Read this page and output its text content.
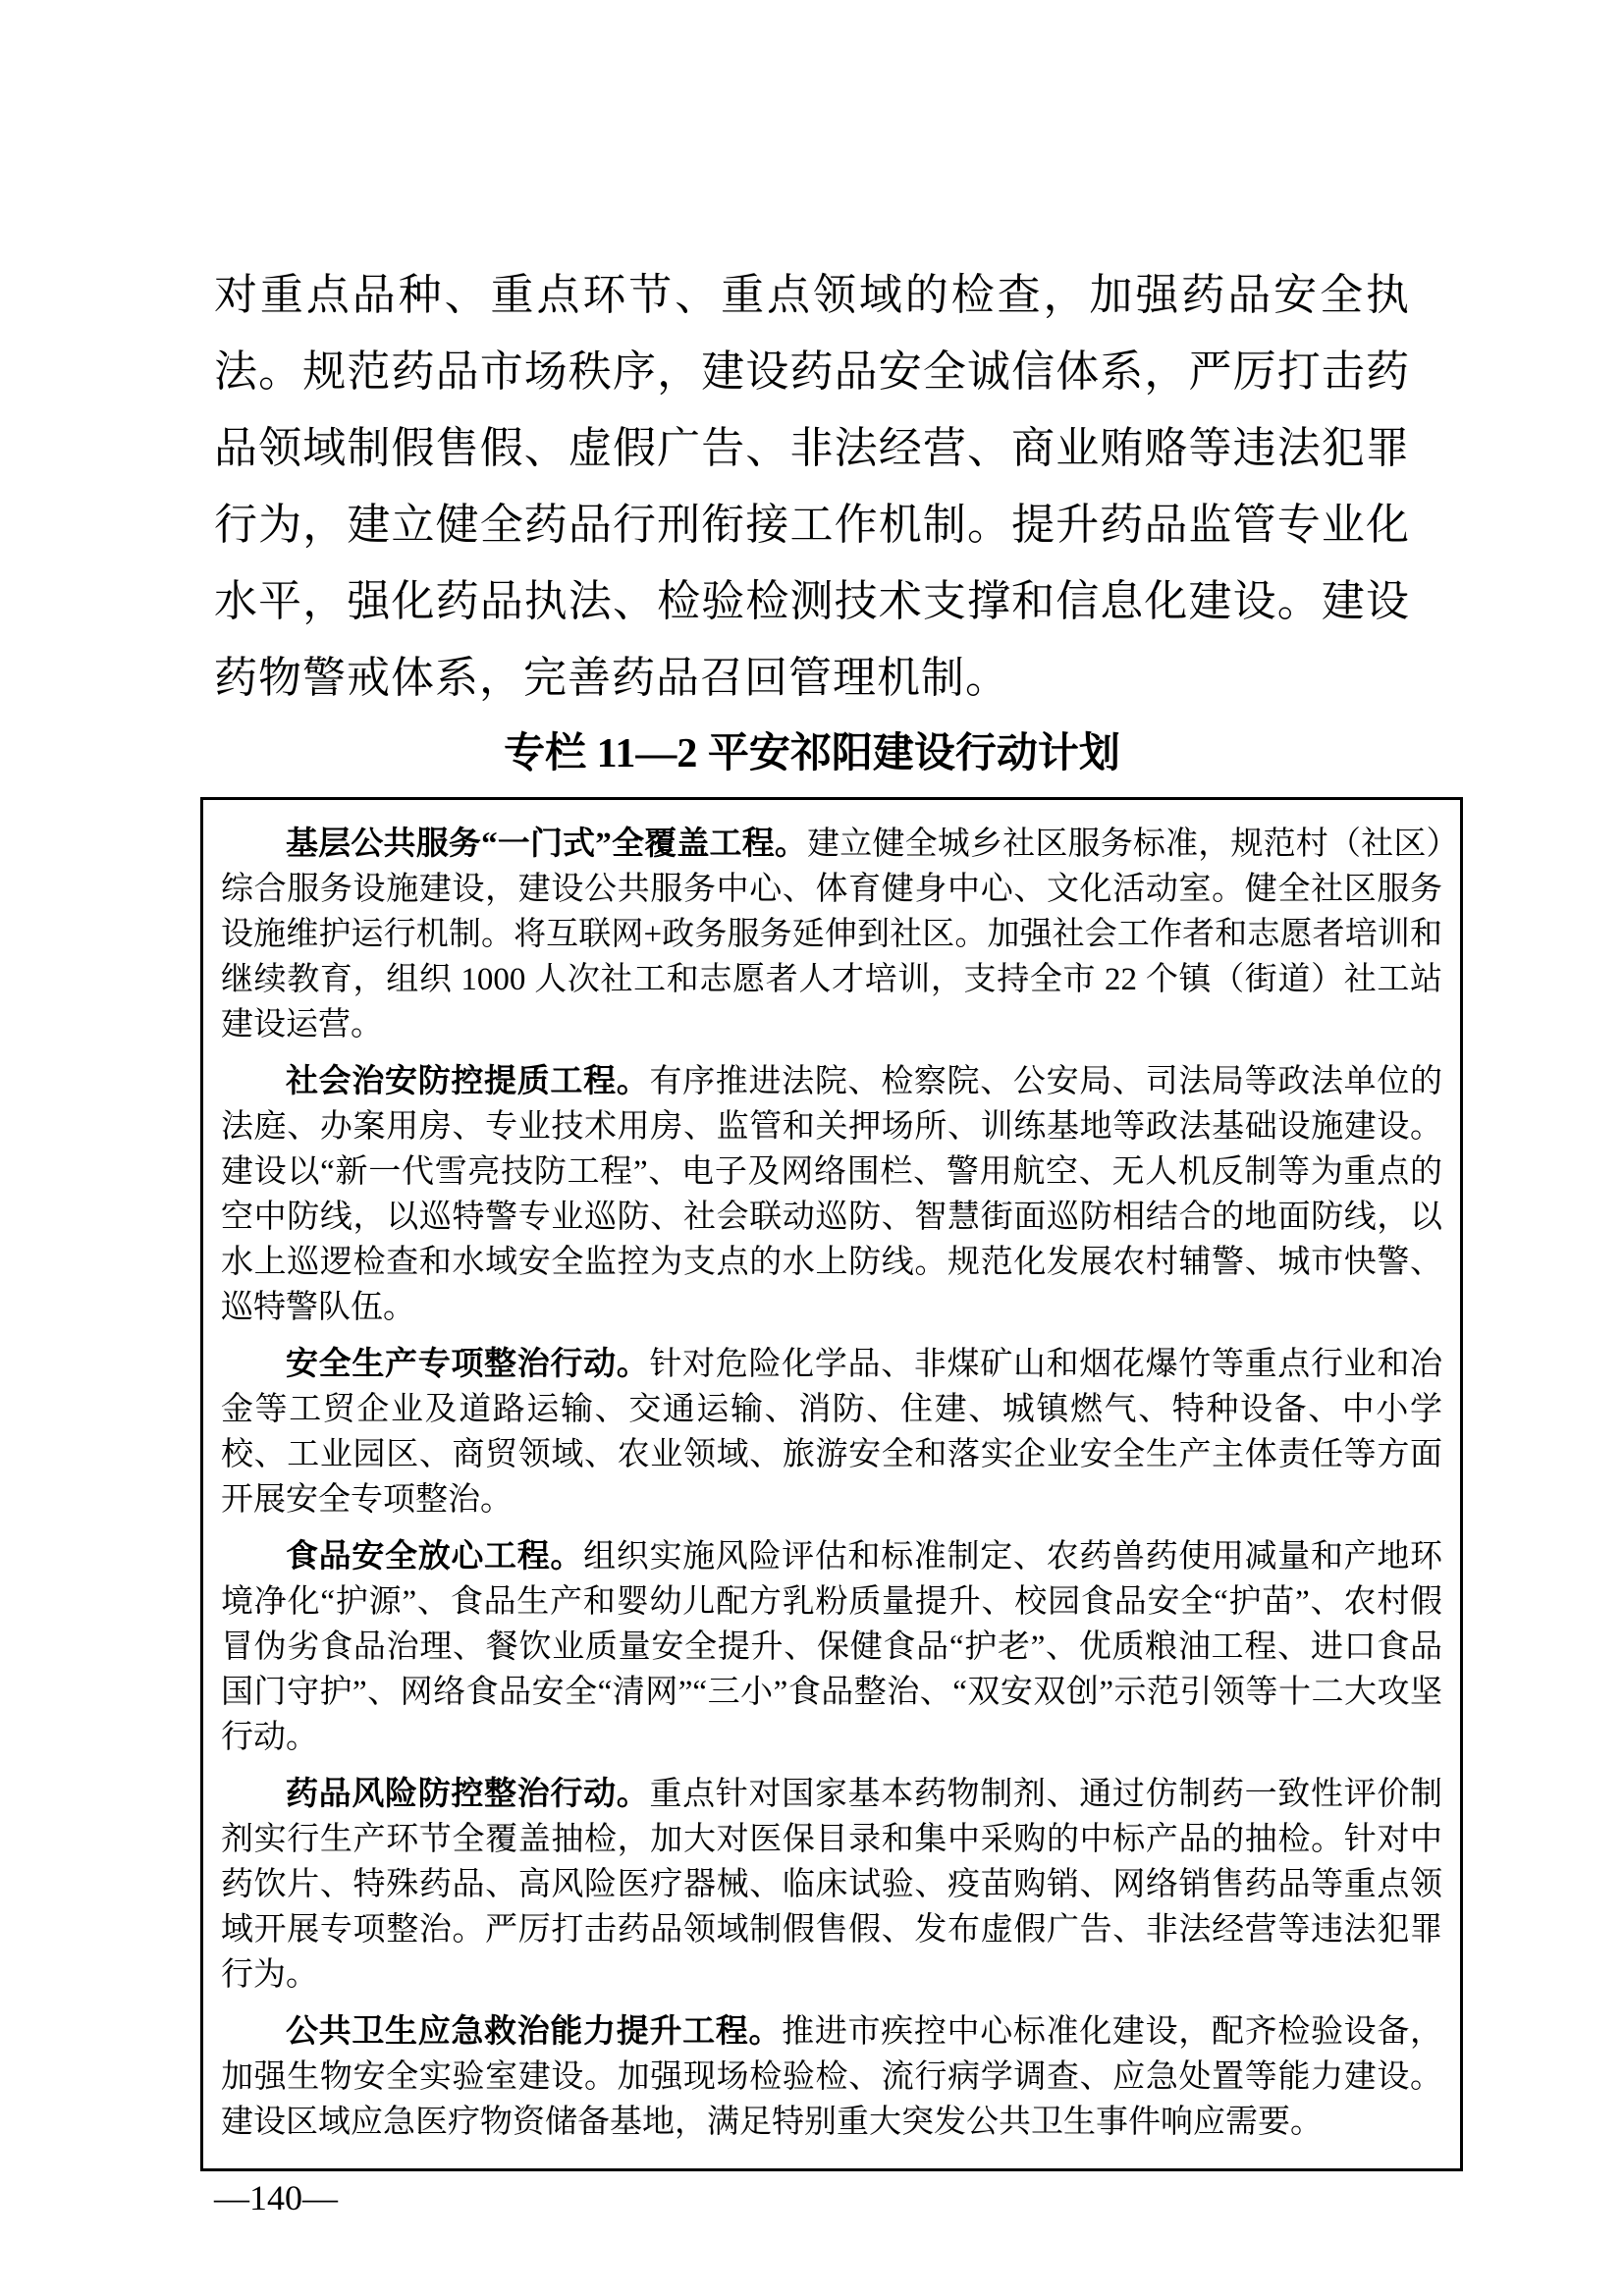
对重点品种、重点环节、重点领域的检查，加强药品安全执法。规范药品市场秩序，建设药品安全诚信体系，严厉打击药品领域制假售假、虚假广告、非法经营、商业贿赂等违法犯罪行为，建立健全药品行刑衔接工作机制。提升药品监管专业化水平，强化药品执法、检验检测技术支撑和信息化建设。建设药物警戒体系，完善药品召回管理机制。

专栏 11—2 平安祁阳建设行动计划

基层公共服务“一门式”全覆盖工程。建立健全城乡社区服务标准，规范村（社区）综合服务设施建设，建设公共服务中心、体育健身中心、文化活动室。健全社区服务设施维护运行机制。将互联网+政务服务延伸到社区。加强社会工作者和志愿者培训和继续教育，组织 1000 人次社工和志愿者人才培训，支持全市 22 个镇（街道）社工站建设运营。

社会治安防控提质工程。有序推进法院、检察院、公安局、司法局等政法单位的法庭、办案用房、专业技术用房、监管和关押场所、训练基地等政法基础设施建设。建设以“新一代雪亮技防工程”、电子及网络围栏、警用航空、无人机反制等为重点的空中防线，以巡特警专业巡防、社会联动巡防、智慧街面巡防相结合的地面防线，以水上巡逻检查和水域安全监控为支点的水上防线。规范化发展农村辅警、城市快警、巡特警队伍。

安全生产专项整治行动。针对危险化学品、非煤矿山和烟花爆竹等重点行业和冶金等工贸企业及道路运输、交通运输、消防、住建、城镇燃气、特种设备、中小学校、工业园区、商贸领域、农业领域、旅游安全和落实企业安全生产主体责任等方面开展安全专项整治。

食品安全放心工程。组织实施风险评估和标准制定、农药兽药使用减量和产地环境净化“护源”、食品生产和婴幼儿配方乳粉质量提升、校园食品安全“护苗”、农村假冒伪劣食品治理、餐饮业质量安全提升、保健食品“护老”、优质粮油工程、进口食品国门守护”、网络食品安全“清网”“三小”食品整治、“双安双创”示范引领等十二大攻坚行动。

药品风险防控整治行动。重点针对国家基本药物制剂、通过仿制药一致性评价制剂实行生产环节全覆盖抽检，加大对医保目录和集中采购的中标产品的抽检。针对中药饮片、特殊药品、高风险医疗器械、临床试验、疫苗购销、网络销售药品等重点领域开展专项整治。严厉打击药品领域制假售假、发布虚假广告、非法经营等违法犯罪行为。

公共卫生应急救治能力提升工程。推进市疾控中心标准化建设，配齐检验设备，加强生物安全实验室建设。加强现场检验检、流行病学调查、应急处置等能力建设。建设区域应急医疗物资储备基地，满足特别重大突发公共卫生事件响应需要。

—140—
